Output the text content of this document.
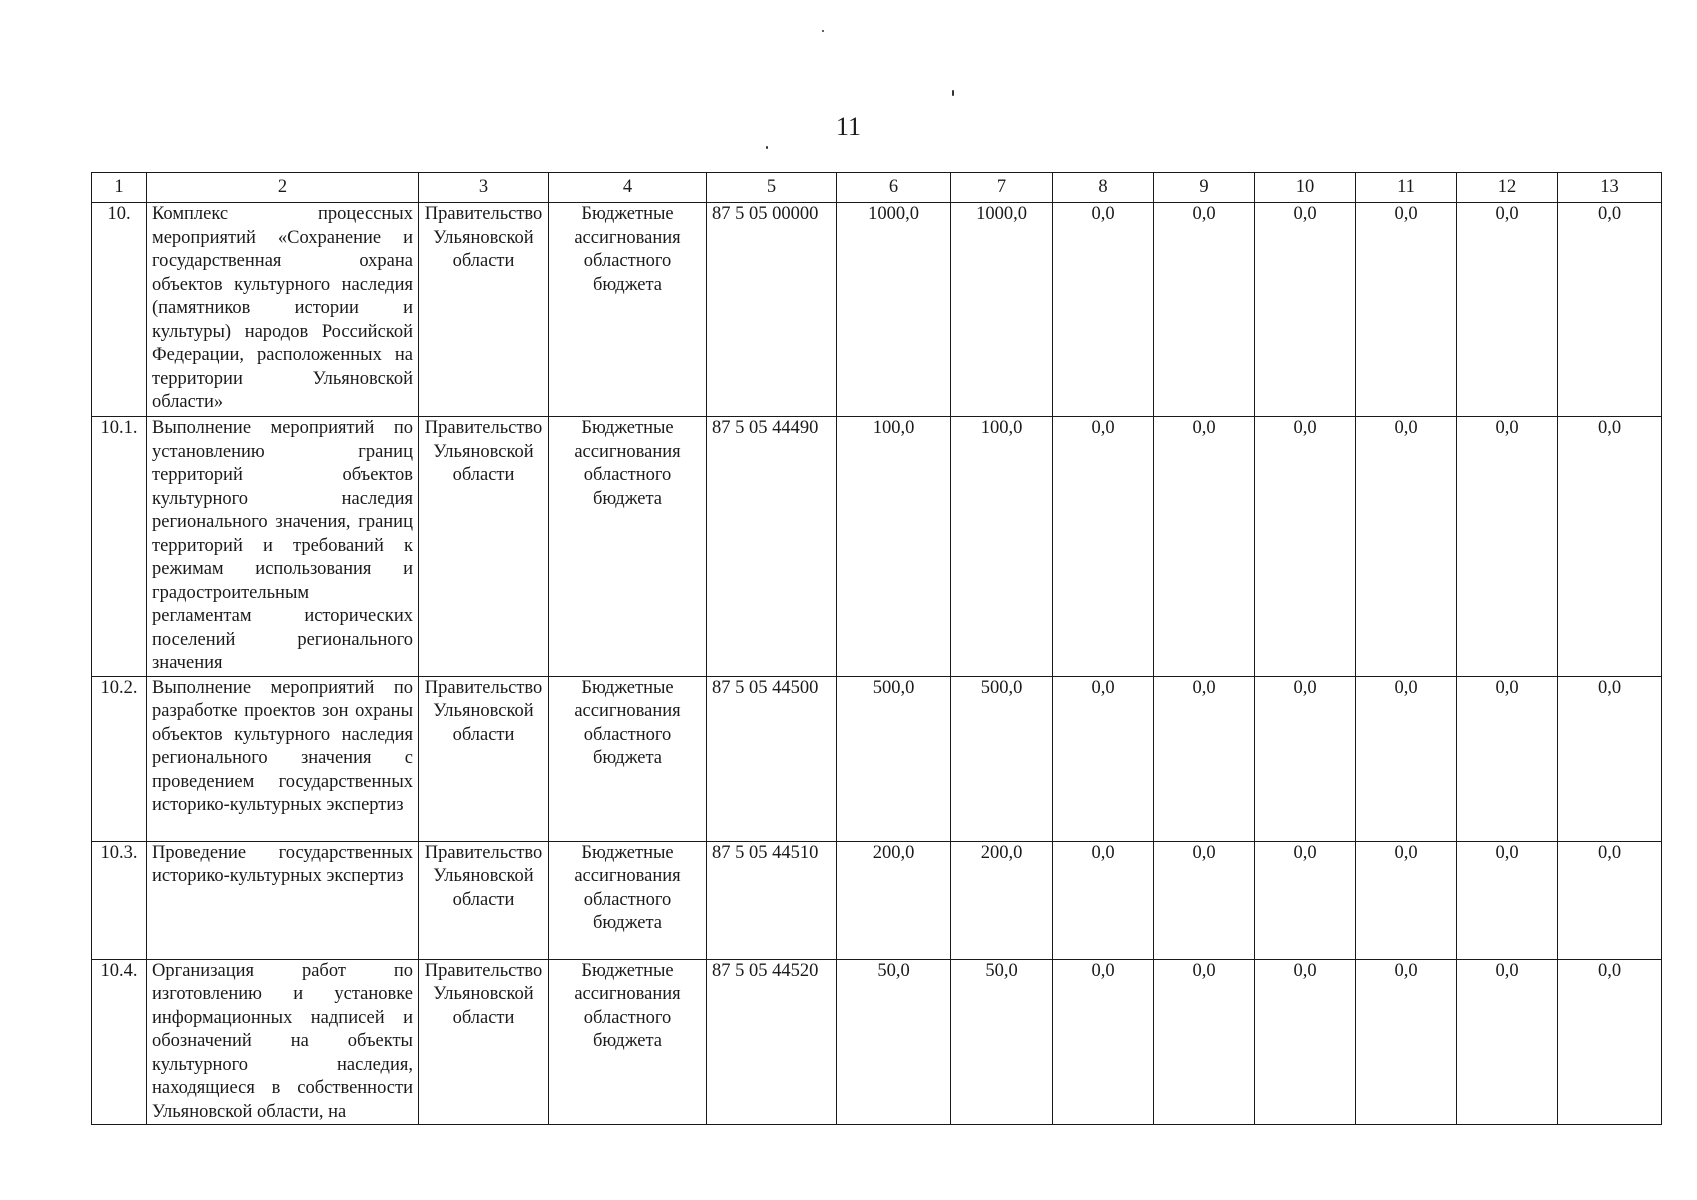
11
1	2	3	4	5	6	7	8	9	10	11	12	13
10.	Комплекс процессных мероприятий «Сохранение и государственная охрана объектов культурного наследия (памятников истории и культуры) народов Российской Федерации, расположенных на территории Ульяновской области»	Правительство Ульяновской области	Бюджетные ассигнования областного бюджета	87 5 05 00000	1000,0	1000,0	0,0	0,0	0,0	0,0	0,0	0,0
10.1.	Выполнение мероприятий по установлению границ территорий объектов культурного наследия регионального значения, границ территорий и требований к режимам использования и градостроительным регламентам исторических поселений регионального значения	Правительство Ульяновской области	Бюджетные ассигнования областного бюджета	87 5 05 44490	100,0	100,0	0,0	0,0	0,0	0,0	0,0	0,0
10.2.	Выполнение мероприятий по разработке проектов зон охраны объектов культурного наследия регионального значения с проведением государственных историко-культурных экспертиз	Правительство Ульяновской области	Бюджетные ассигнования областного бюджета	87 5 05 44500	500,0	500,0	0,0	0,0	0,0	0,0	0,0	0,0
10.3.	Проведение государственных историко-культурных экспертиз	Правительство Ульяновской области	Бюджетные ассигнования областного бюджета	87 5 05 44510	200,0	200,0	0,0	0,0	0,0	0,0	0,0	0,0
10.4.	Организация работ по изготовлению и установке информационных надписей и обозначений на объекты культурного наследия, находящиеся в собственности Ульяновской области, на	Правительство Ульяновской области	Бюджетные ассигнования областного бюджета	87 5 05 44520	50,0	50,0	0,0	0,0	0,0	0,0	0,0	0,0
